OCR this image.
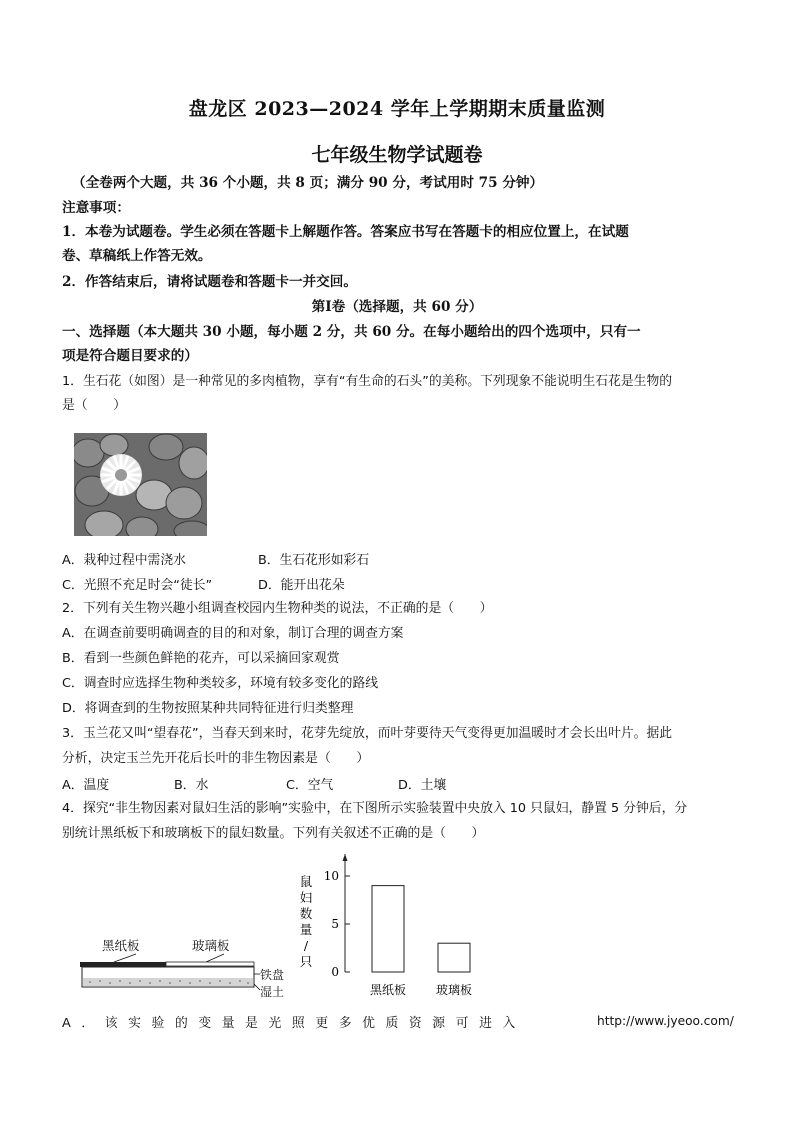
盘龙区 2023—2024 学年上学期期末质量监测
七年级生物学试题卷
（全卷两个大题，共 36 个小题，共 8 页；满分 90 分，考试用时 75 分钟）
注意事项：
1．本卷为试题卷。学生必须在答题卡上解题作答。答案应书写在答题卡的相应位置上，在试题
卷、草稿纸上作答无效。
2．作答结束后，请将试题卷和答题卡一并交回。
第Ⅰ卷（选择题，共 60 分）
一、选择题（本大题共 30 小题，每小题 2 分，共 60 分。在每小题给出的四个选项中，只有一
项是符合题目要求的）
1．生石花（如图）是一种常见的多肉植物，享有“有生命的石头”的美称。下列现象不能说明生石花是生物的
是（　　）
A．栽种过程中需浇水	B．生石花形如彩石
C．光照不充足时会“徒长”	D．能开出花朵
2．下列有关生物兴趣小组调查校园内生物种类的说法，不正确的是（　　）
A．在调查前要明确调查的目的和对象，制订合理的调查方案
B．看到一些颜色鲜艳的花卉，可以采摘回家观赏
C．调查时应选择生物种类较多，环境有较多变化的路线
D．将调查到的生物按照某种共同特征进行归类整理
3．玉兰花又叫“望春花”，当春天到来时，花芽先绽放，而叶芽要待天气变得更加温暖时才会长出叶片。据此
分析，决定玉兰先开花后长叶的非生物因素是（　　）
A．温度	B．水	C．空气	D．土壤
4．探究“非生物因素对鼠妇生活的影响”实验中，在下图所示实验装置中央放入 10 只鼠妇，静置 5 分钟后，分
别统计黑纸板下和玻璃板下的鼠妇数量。下列有关叙述不正确的是（　　）
黑纸板	玻璃板
铁盘
湿土
鼠
妇
数
量
/
只
0
5
10
黑纸板 玻璃板
A．该实验的变量是光照更多优质资源可进入	http://www.jyeoo.com/
